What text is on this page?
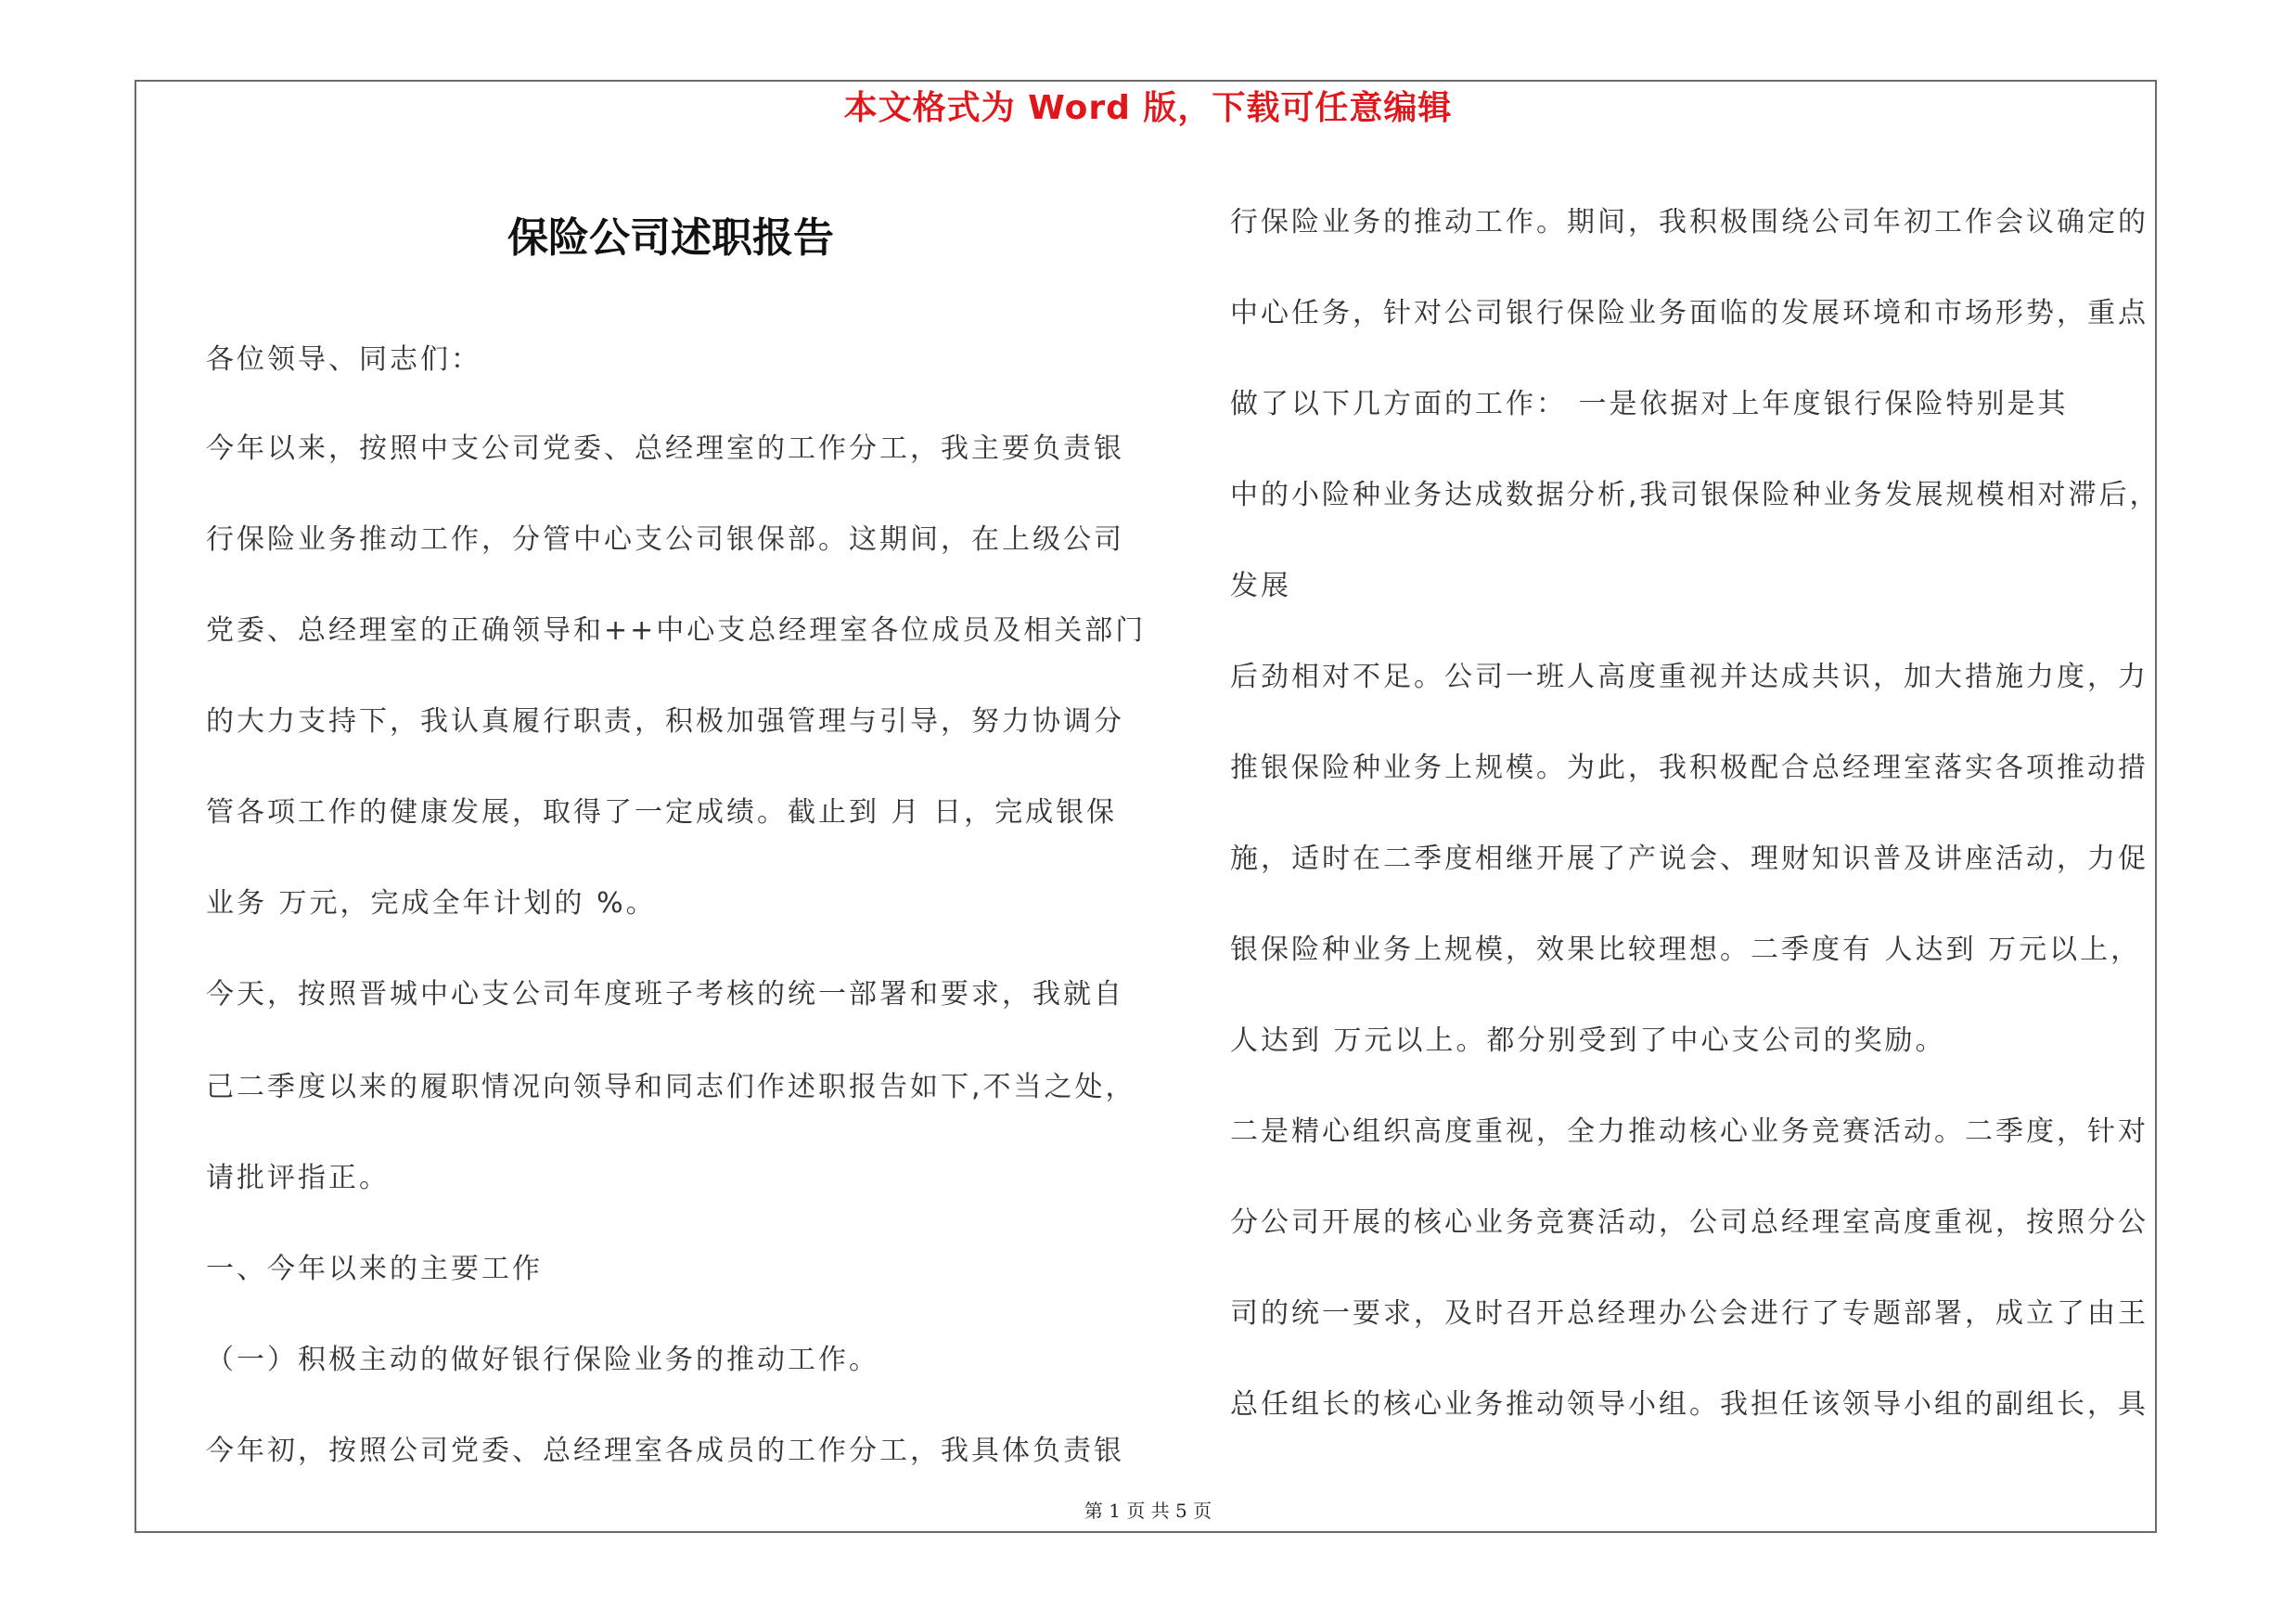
本文格式为 Word 版，下载可任意编辑
保险公司述职报告
各位领导、同志们：
今年以来，按照中支公司党委、总经理室的工作分工，我主要负责银
行保险业务推动工作，分管中心支公司银保部。这期间，在上级公司
党委、总经理室的正确领导和++中心支总经理室各位成员及相关部门
的大力支持下，我认真履行职责，积极加强管理与引导，努力协调分
管各项工作的健康发展，取得了一定成绩。截止到 月 日，完成银保
业务 万元，完成全年计划的 %。
今天，按照晋城中心支公司年度班子考核的统一部署和要求，我就自
己二季度以来的履职情况向领导和同志们作述职报告如下,不当之处，
请批评指正。
一、今年以来的主要工作
（一）积极主动的做好银行保险业务的推动工作。
今年初，按照公司党委、总经理室各成员的工作分工，我具体负责银
行保险业务的推动工作。期间，我积极围绕公司年初工作会议确定的
中心任务，针对公司银行保险业务面临的发展环境和市场形势，重点
做了以下几方面的工作： 一是依据对上年度银行保险特别是其
中的小险种业务达成数据分析,我司银保险种业务发展规模相对滞后，
发展
后劲相对不足。公司一班人高度重视并达成共识，加大措施力度，力
推银保险种业务上规模。为此，我积极配合总经理室落实各项推动措
施，适时在二季度相继开展了产说会、理财知识普及讲座活动，力促
银保险种业务上规模，效果比较理想。二季度有 人达到 万元以上，
人达到 万元以上。都分别受到了中心支公司的奖励。
二是精心组织高度重视，全力推动核心业务竞赛活动。二季度，针对
分公司开展的核心业务竞赛活动，公司总经理室高度重视，按照分公
司的统一要求，及时召开总经理办公会进行了专题部署，成立了由王
总任组长的核心业务推动领导小组。我担任该领导小组的副组长，具
第 1 页 共 5 页
